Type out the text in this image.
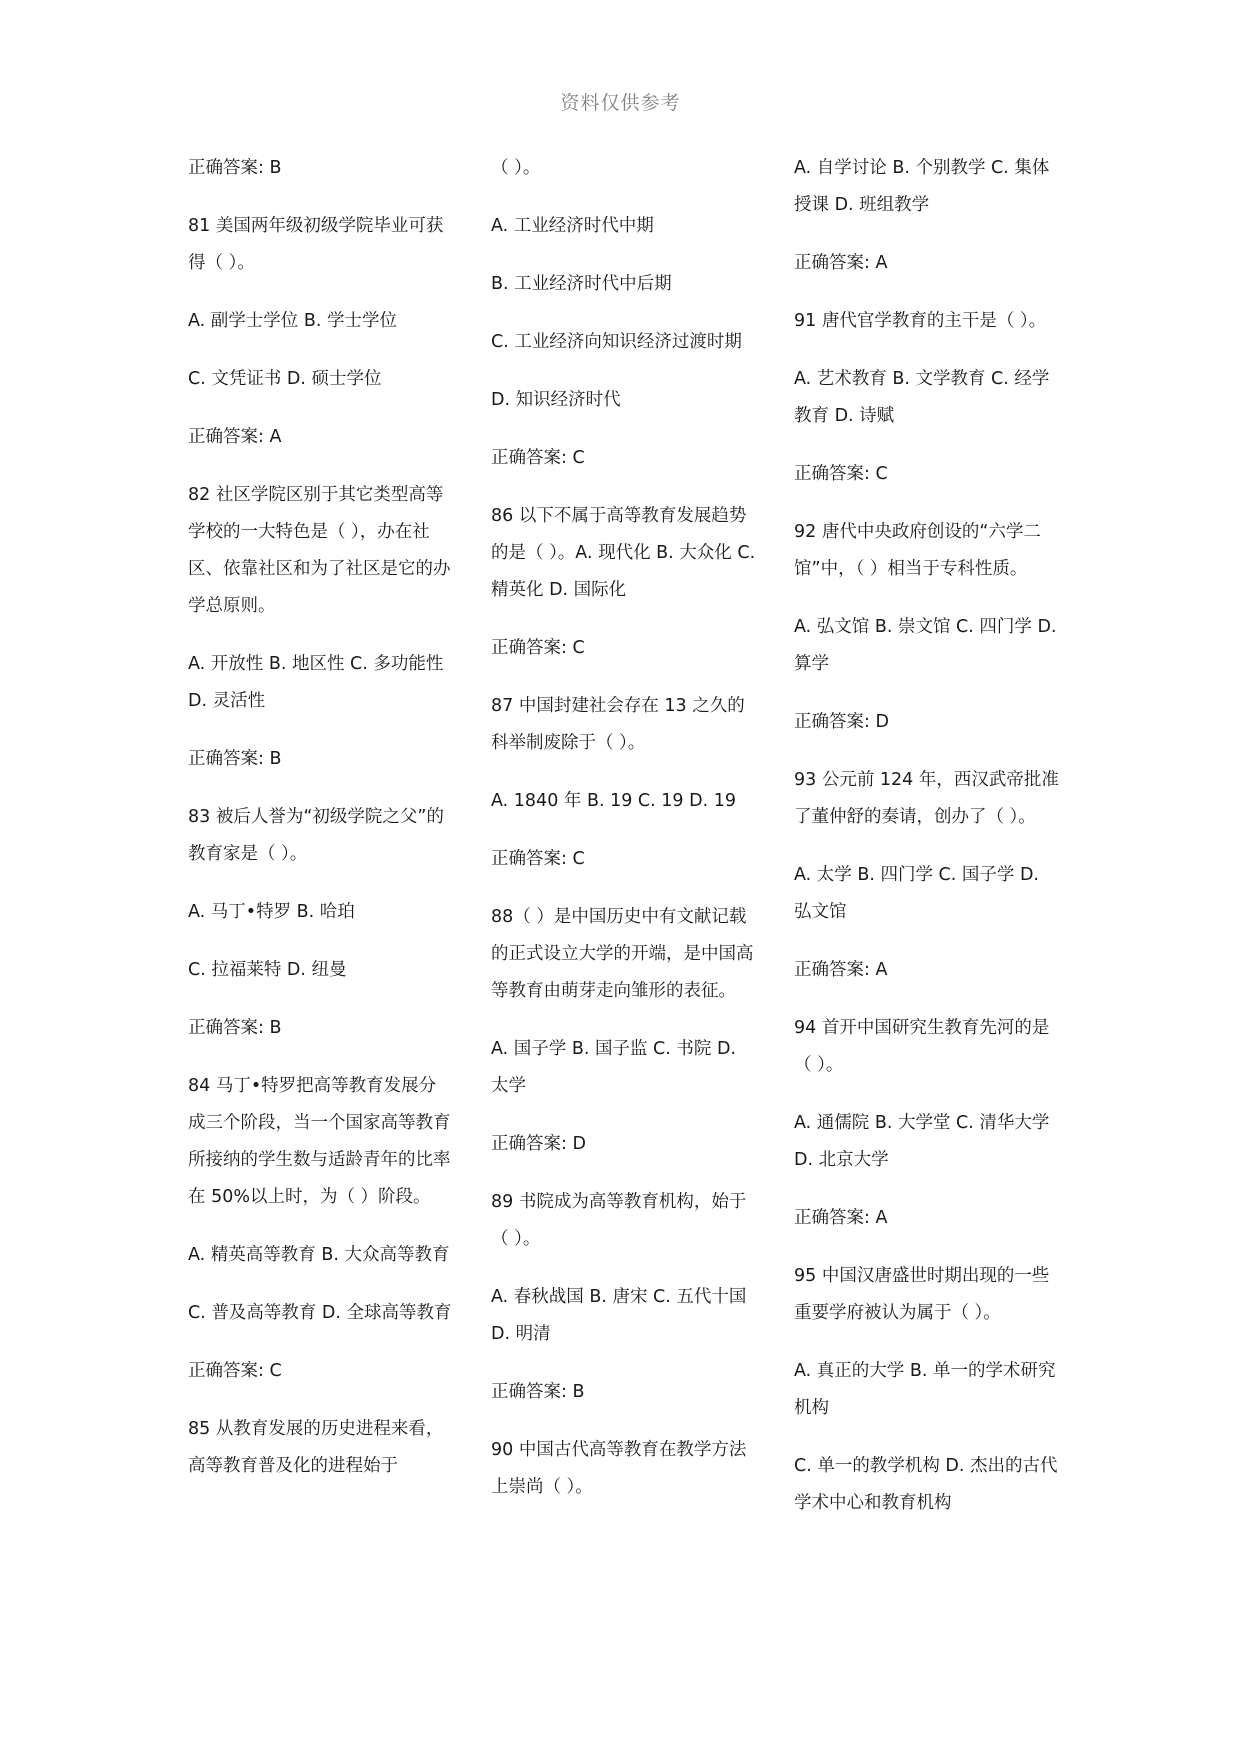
资料仅供参考

正确答案: B

81 美国两年级初级学院毕业可获得（ ）。

A. 副学士学位 B. 学士学位

C. 文凭证书 D. 硕士学位

正确答案: A

82 社区学院区别于其它类型高等学校的一大特色是（ ），办在社区、依靠社区和为了社区是它的办学总原则。

A. 开放性 B. 地区性 C. 多功能性 D. 灵活性

正确答案: B

83 被后人誉为“初级学院之父”的教育家是（ ）。

A. 马丁•特罗 B. 哈珀

C. 拉福莱特 D. 纽曼

正确答案: B

84 马丁•特罗把高等教育发展分成三个阶段，当一个国家高等教育所接纳的学生数与适龄青年的比率在 50%以上时，为（ ）阶段。

A. 精英高等教育 B. 大众高等教育

C. 普及高等教育 D. 全球高等教育

正确答案: C

85 从教育发展的历史进程来看，高等教育普及化的进程始于

（ ）。

A. 工业经济时代中期

B. 工业经济时代中后期

C. 工业经济向知识经济过渡时期

D. 知识经济时代

正确答案: C

86 以下不属于高等教育发展趋势的是（ ）。A. 现代化 B. 大众化 C. 精英化 D. 国际化

正确答案: C

87 中国封建社会存在 13 之久的科举制废除于（ ）。

A. 1840 年 B. 19 C. 19 D. 19

正确答案: C

88（ ）是中国历史中有文献记载的正式设立大学的开端，是中国高等教育由萌芽走向雏形的表征。

A. 国子学 B. 国子监 C. 书院 D. 太学

正确答案: D

89 书院成为高等教育机构，始于（ ）。

A. 春秋战国 B. 唐宋 C. 五代十国 D. 明清

正确答案: B

90 中国古代高等教育在教学方法上崇尚（ ）。

A. 自学讨论 B. 个别教学 C. 集体授课 D. 班组教学

正确答案: A

91 唐代官学教育的主干是（ ）。

A. 艺术教育 B. 文学教育 C. 经学教育 D. 诗赋

正确答案: C

92 唐代中央政府创设的“六学二馆”中，（ ）相当于专科性质。

A. 弘文馆 B. 崇文馆 C. 四门学 D. 算学

正确答案: D

93 公元前 124 年，西汉武帝批准了董仲舒的奏请，创办了（ ）。

A. 太学 B. 四门学 C. 国子学 D. 弘文馆

正确答案: A

94 首开中国研究生教育先河的是（ ）。

A. 通儒院 B. 大学堂 C. 清华大学 D. 北京大学

正确答案: A

95 中国汉唐盛世时期出现的一些重要学府被认为属于（ ）。

A. 真正的大学 B. 单一的学术研究机构

C. 单一的教学机构 D. 杰出的古代学术中心和教育机构
